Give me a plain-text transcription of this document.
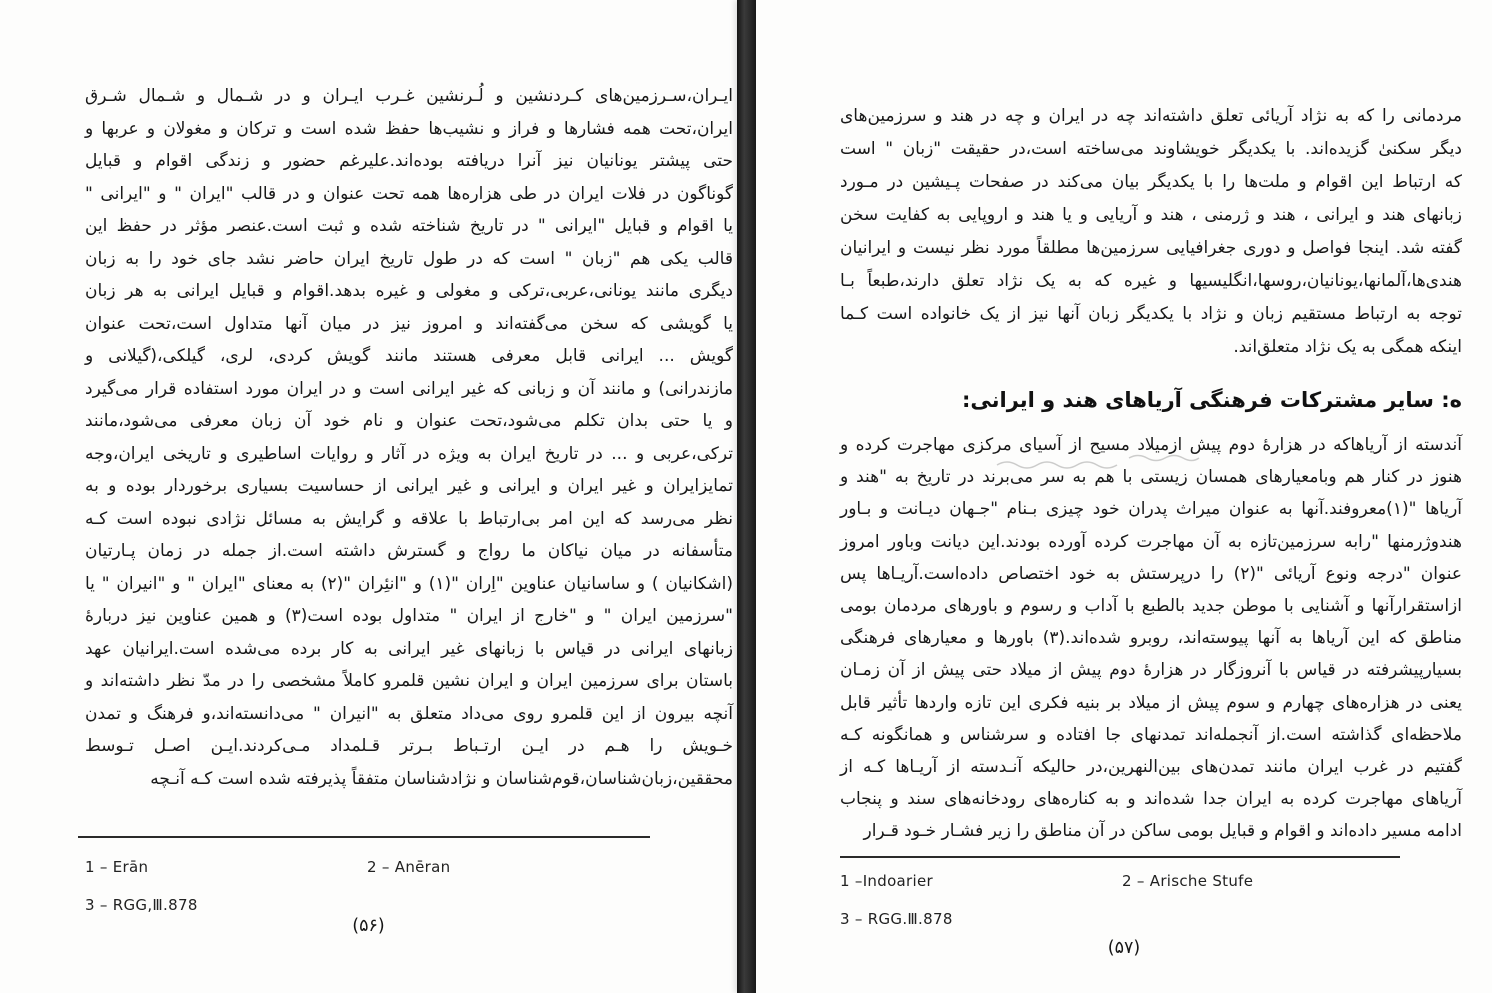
ايـران،سـرزمين‌های کـردنشين و لُـرنشين غـرب ايـران و در شـمال و شـمال شـرق
ايران،تحت همه فشارها و فراز و نشيب‌ها حفظ شده است و ترکان و مغولان و عربها و
حتی پيشتر يونانيان نيز آنرا دريافته بوده‌اند.عليرغم حضور و زندگی اقوام و قبايل
گوناگون در فلات ايران در طی هزاره‌ها همه تحت عنوان و در قالب "ايران " و "ايرانی "
يا اقوام و قبايل "ايرانی " در تاريخ شناخته شده و ثبت است.عنصر مؤثر در حفظ اين
قالب يکی هم "زبان " است که در طول تاريخ ايران حاضر نشد جای خود را به زبان
ديگری مانند يونانی،عربی،ترکی و مغولی و غيره بدهد.اقوام و قبايل ايرانی به هر زبان
يا گويشی که سخن می‌گفته‌اند و امروز نيز در ميان آنها متداول است،تحت عنوان
گويش ... ايرانی قابل معرفی هستند مانند گويش کردی، لری، گيلکی،(گيلانی و
مازندرانی) و مانند آن و زبانی که غير ايرانی است و در ايران مورد استفاده قرار می‌گيرد
و يا حتی بدان تکلم می‌شود،تحت عنوان و نام خود آن زبان معرفی می‌شود،مانند
ترکی،عربی و ... در تاريخ ايران به ويژه در آثار و روايات اساطيری و تاريخی ايران،وجه
تمايزايران و غير ايران و ايرانی و غير ايرانی از حساسيت بسياری برخوردار بوده و به
نظر می‌رسد که اين امر بی‌ارتباط با علاقه و گرايش به مسائل نژادی نبوده است کـه
متأسفانه در ميان نياکان ما رواج و گسترش داشته است.از جمله در زمان پـارتيان
(اشکانيان ) و ساسانيان عناوين "اِران "(۱) و "انئِران "(۲) به معنای "ايران " و "انيران " يا
"سرزمين ايران " و "خارج از ايران " متداول بوده است(۳) و همين عناوين نيز دربارهٔ
زبانهای ايرانی در قياس با زبانهای غير ايرانی به کار برده می‌شده است.ايرانيان عهد
باستان برای سرزمين ايران و ايران نشين قلمرو کاملاً مشخصی را در مدّ نظر داشته‌اند و
آنچه بيرون از اين قلمرو روی می‌داد متعلق به "انيران " می‌دانسته‌اند،و فرهنگ و تمدن
خـويش را هـم در ايـن ارتـباط بـرتر قـلمداد مـی‌کردند.ايـن اصـل تـوسط
محققين،زبان‌شناسان،قوم‌شناسان و نژادشناسان متفقاً پذيرفته شده است کـه آنـچه
1 – Erān	2 – Anēran
3 – RGG,Ⅲ.878
(۵۶)
مردمانی را که به نژاد آريائی تعلق داشته‌اند چه در ايران و چه در هند و سرزمين‌های
ديگر سکنیٰ گزيده‌اند. با يکديگر خويشاوند می‌ساخته است،در حقيقت "زبان " است
که ارتباط اين اقوام و ملت‌ها را با يکديگر بيان می‌کند در صفحات پـيشين در مـورد
زبانهای هند و ايرانی ، هند و ژرمنی ، هند و آريايی و يا هند و اروپايی به کفايت سخن
گفته شد. اينجا فواصل و دوری جغرافيايی سرزمين‌ها مطلقاً مورد نظر نيست و ايرانيان
هندی‌ها،آلمانها،يونانيان،روسها،انگليسيها و غيره که به يک نژاد تعلق دارند،طبعاً بـا
توجه به ارتباط مستقيم زبان و نژاد با يکديگر زبان آنها نيز از يک خانواده است کـما
اينکه همگی به يک نژاد متعلق‌اند.
ه: ساير مشترکات فرهنگی آرياهای هند و ايرانی:
آندسته از آرياهاکه در هزارهٔ دوم پيش ازميلاد مسيح از آسيای مرکزی مهاجرت کرده و
هنوز در کنار هم وبامعيارهای همسان زيستی با هم به سر می‌برند در تاريخ به "هند و
آرياها "(۱)معروفند.آنها به عنوان ميراث پدران خود چيزی بـنام "جـهان ديـانت و بـاور
هندوژرمنها "رابه سرزمين‌تازه به آن مهاجرت کرده آورده بودند.اين ديانت وباور امروز
عنوان "درجه ونوع آريائی "(۲) را درپرستش به خود اختصاص داده‌است.آريـاها پس
ازاستقرارآنها و آشنايی با موطن جديد بالطبع با آداب و رسوم و باورهای مردمان بومی
مناطق که اين آرياها به آنها پيوسته‌اند، روبرو شده‌اند.(۳) باورها و معيارهای فرهنگی
بسيارپيشرفته در قياس با آنروزگار در هزارهٔ دوم پيش از ميلاد حتی پيش از آن زمـان
يعنی در هزاره‌های چهارم و سوم پيش از ميلاد بر بنيه فکری اين تازه واردها تأثير قابل
ملاحظه‌ای گذاشته است.از آنجمله‌اند تمدنهای جا افتاده و سرشناس و همانگونه کـه
گفتيم در غرب ايران مانند تمدن‌های بين‌النهرين،در حاليکه آنـدسته از آريـاها کـه از
آرياهای مهاجرت کرده به ايران جدا شده‌اند و به کناره‌های رودخانه‌های سند و پنجاب
ادامه مسير داده‌اند و اقوام و قبايل بومی ساکن در آن مناطق را زير فشـار خـود قـرار
1 –Indoarier	2 – Arische Stufe
3 – RGG.Ⅲ.878
(۵۷)
